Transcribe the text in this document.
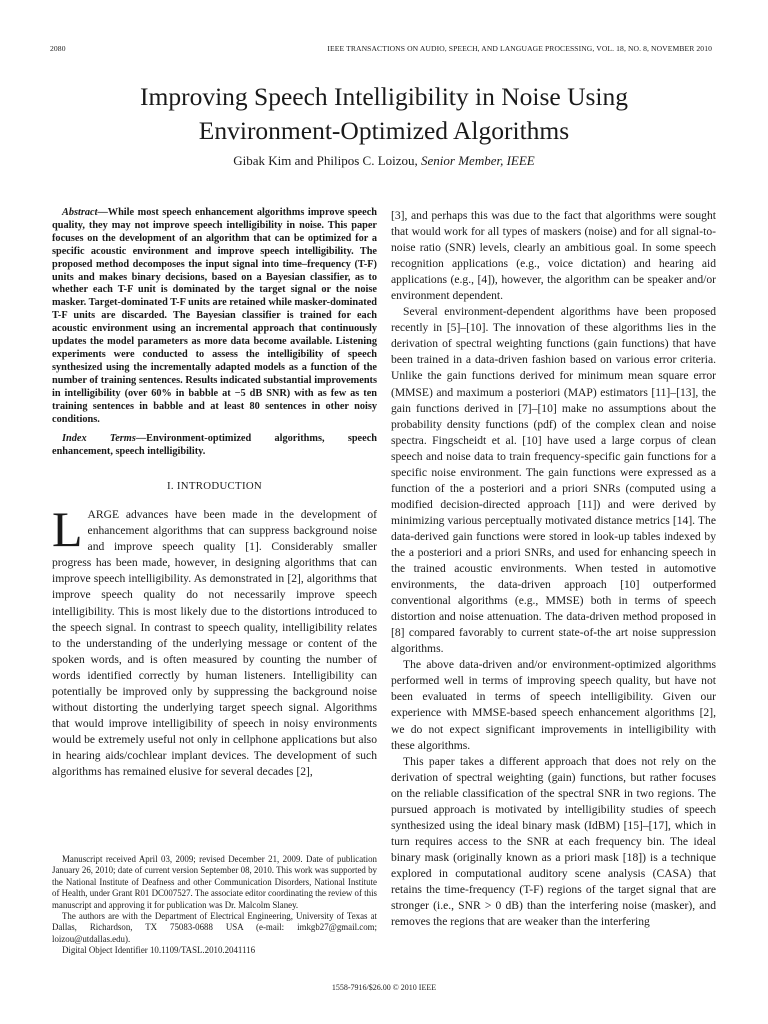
2080	IEEE TRANSACTIONS ON AUDIO, SPEECH, AND LANGUAGE PROCESSING, VOL. 18, NO. 8, NOVEMBER 2010
Improving Speech Intelligibility in Noise Using
Environment-Optimized Algorithms
Gibak Kim and Philipos C. Loizou, Senior Member, IEEE

Abstract—While most speech enhancement algorithms improve speech quality, they may not improve speech intelligibility in noise. This paper focuses on the development of an algorithm that can be optimized for a specific acoustic environment and improve speech intelligibility. The proposed method decomposes the input signal into time–frequency (T-F) units and makes binary decisions, based on a Bayesian classifier, as to whether each T-F unit is dominated by the target signal or the noise masker. Target-dominated T-F units are retained while masker-dominated T-F units are discarded. The Bayesian classifier is trained for each acoustic environment using an incremental approach that continuously updates the model parameters as more data become available. Listening experiments were conducted to assess the intelligibility of speech synthesized using the incrementally adapted models as a function of the number of training sentences. Results indicated substantial improvements in intelligibility (over 60% in babble at −5 dB SNR) with as few as ten training sentences in babble and at least 80 sentences in other noisy conditions.

Index Terms—Environment-optimized algorithms, speech enhancement, speech intelligibility.

I. INTRODUCTION

LARGE advances have been made in the development of enhancement algorithms that can suppress background noise and improve speech quality [1]. Considerably smaller progress has been made, however, in designing algorithms that can improve speech intelligibility. As demonstrated in [2], algorithms that improve speech quality do not necessarily improve speech intelligibility. This is most likely due to the distortions introduced to the speech signal. In contrast to speech quality, intelligibility relates to the understanding of the underlying message or content of the spoken words, and is often measured by counting the number of words identified correctly by human listeners. Intelligibility can potentially be improved only by suppressing the background noise without distorting the underlying target speech signal. Algorithms that would improve intelligibility of speech in noisy environments would be extremely useful not only in cellphone applications but also in hearing aids/cochlear implant devices. The development of such algorithms has remained elusive for several decades [2],

[3], and perhaps this was due to the fact that algorithms were sought that would work for all types of maskers (noise) and for all signal-to-noise ratio (SNR) levels, clearly an ambitious goal. In some speech recognition applications (e.g., voice dictation) and hearing aid applications (e.g., [4]), however, the algorithm can be speaker and/or environment dependent.

Several environment-dependent algorithms have been proposed recently in [5]–[10]. The innovation of these algorithms lies in the derivation of spectral weighting functions (gain functions) that have been trained in a data-driven fashion based on various error criteria. Unlike the gain functions derived for minimum mean square error (MMSE) and maximum a posteriori (MAP) estimators [11]–[13], the gain functions derived in [7]–[10] make no assumptions about the probability density functions (pdf) of the complex clean and noise spectra. Fingscheidt et al. [10] have used a large corpus of clean speech and noise data to train frequency-specific gain functions for a specific noise environment. The gain functions were expressed as a function of the a posteriori and a priori SNRs (computed using a modified decision-directed approach [11]) and were derived by minimizing various perceptually motivated distance metrics [14]. The data-derived gain functions were stored in look-up tables indexed by the a posteriori and a priori SNRs, and used for enhancing speech in the trained acoustic environments. When tested in automotive environments, the data-driven approach [10] outperformed conventional algorithms (e.g., MMSE) both in terms of speech distortion and noise attenuation. The data-driven method proposed in [8] compared favorably to current state-of-the art noise suppression algorithms.

The above data-driven and/or environment-optimized algorithms performed well in terms of improving speech quality, but have not been evaluated in terms of speech intelligibility. Given our experience with MMSE-based speech enhancement algorithms [2], we do not expect significant improvements in intelligibility with these algorithms.

This paper takes a different approach that does not rely on the derivation of spectral weighting (gain) functions, but rather focuses on the reliable classification of the spectral SNR in two regions. The pursued approach is motivated by intelligibility studies of speech synthesized using the ideal binary mask (IdBM) [15]–[17], which in turn requires access to the SNR at each frequency bin. The ideal binary mask (originally known as a priori mask [18]) is a technique explored in computational auditory scene analysis (CASA) that retains the time-frequency (T-F) regions of the target signal that are stronger (i.e., SNR > 0 dB) than the interfering noise (masker), and removes the regions that are weaker than the interfering

Manuscript received April 03, 2009; revised December 21, 2009. Date of publication January 26, 2010; date of current version September 08, 2010. This work was supported by the National Institute of Deafness and other Communication Disorders, National Institute of Health, under Grant R01 DC007527. The associate editor coordinating the review of this manuscript and approving it for publication was Dr. Malcolm Slaney.

The authors are with the Department of Electrical Engineering, University of Texas at Dallas, Richardson, TX 75083-0688 USA (e-mail: imkgb27@gmail.com; loizou@utdallas.edu).

Digital Object Identifier 10.1109/TASL.2010.2041116

1558-7916/$26.00 © 2010 IEEE
